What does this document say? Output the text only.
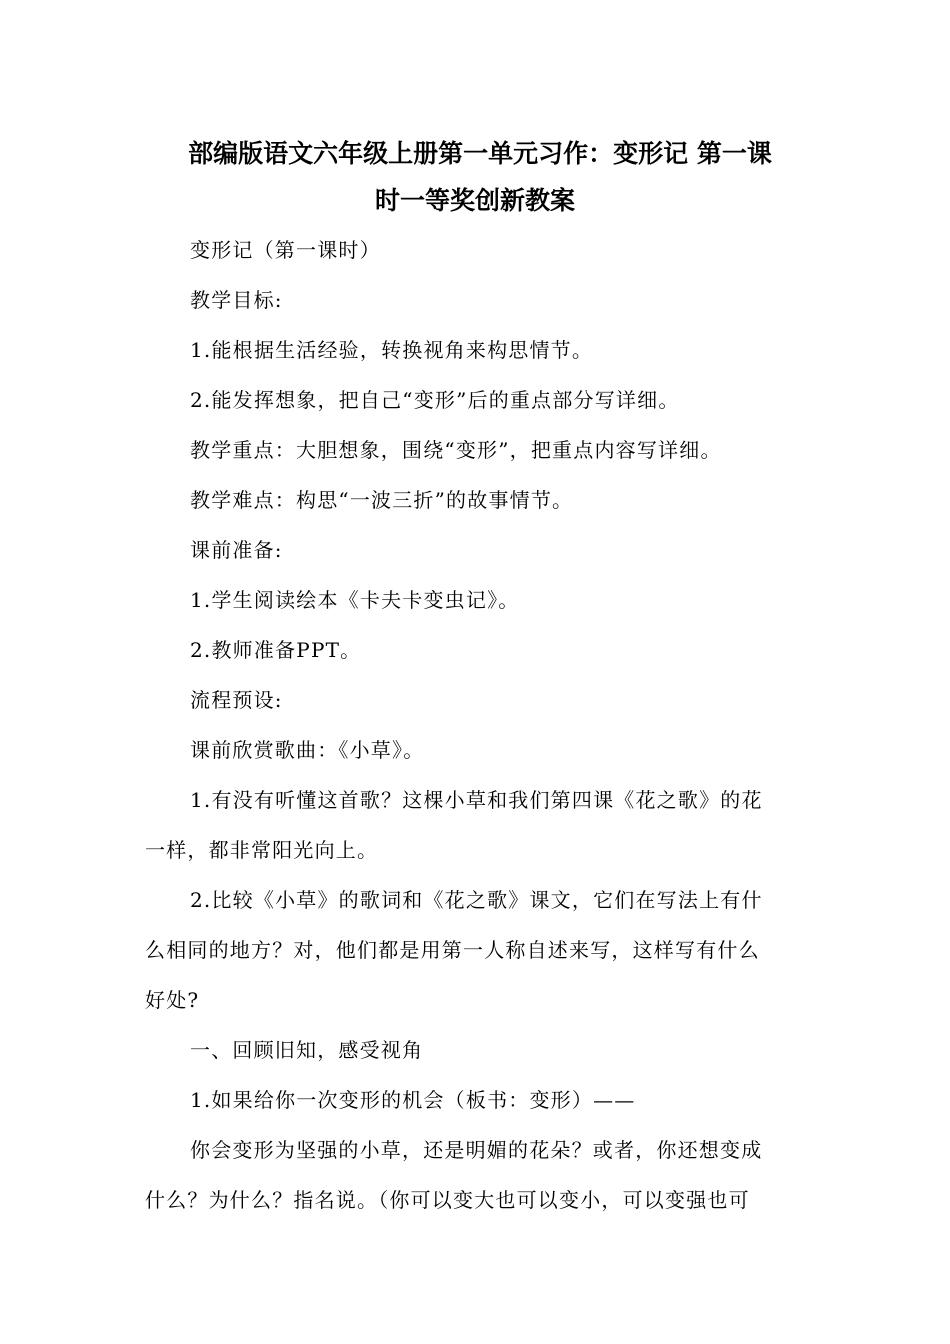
部编版语文六年级上册第一单元习作：变形记 第一课
时一等奖创新教案
变形记（第一课时）
教学目标:
1.能根据生活经验，转换视角来构思情节。
2.能发挥想象，把自己“变形”后的重点部分写详细。
教学重点：大胆想象，围绕“变形”，把重点内容写详细。
教学难点：构思“一波三折”的故事情节。
课前准备:
1.学生阅读绘本《卡夫卡变虫记》。
2.教师准备PPT。
流程预设:
课前欣赏歌曲：《小草》。
1.有没有听懂这首歌？这棵小草和我们第四课《花之歌》的花
一样，都非常阳光向上。
2.比较《小草》的歌词和《花之歌》课文，它们在写法上有什
么相同的地方？对，他们都是用第一人称自述来写，这样写有什么
好处?
一、回顾旧知，感受视角
1.如果给你一次变形的机会（板书：变形）——
你会变形为坚强的小草，还是明媚的花朵？或者，你还想变成
什么？为什么？指名说。（你可以变大也可以变小，可以变强也可
